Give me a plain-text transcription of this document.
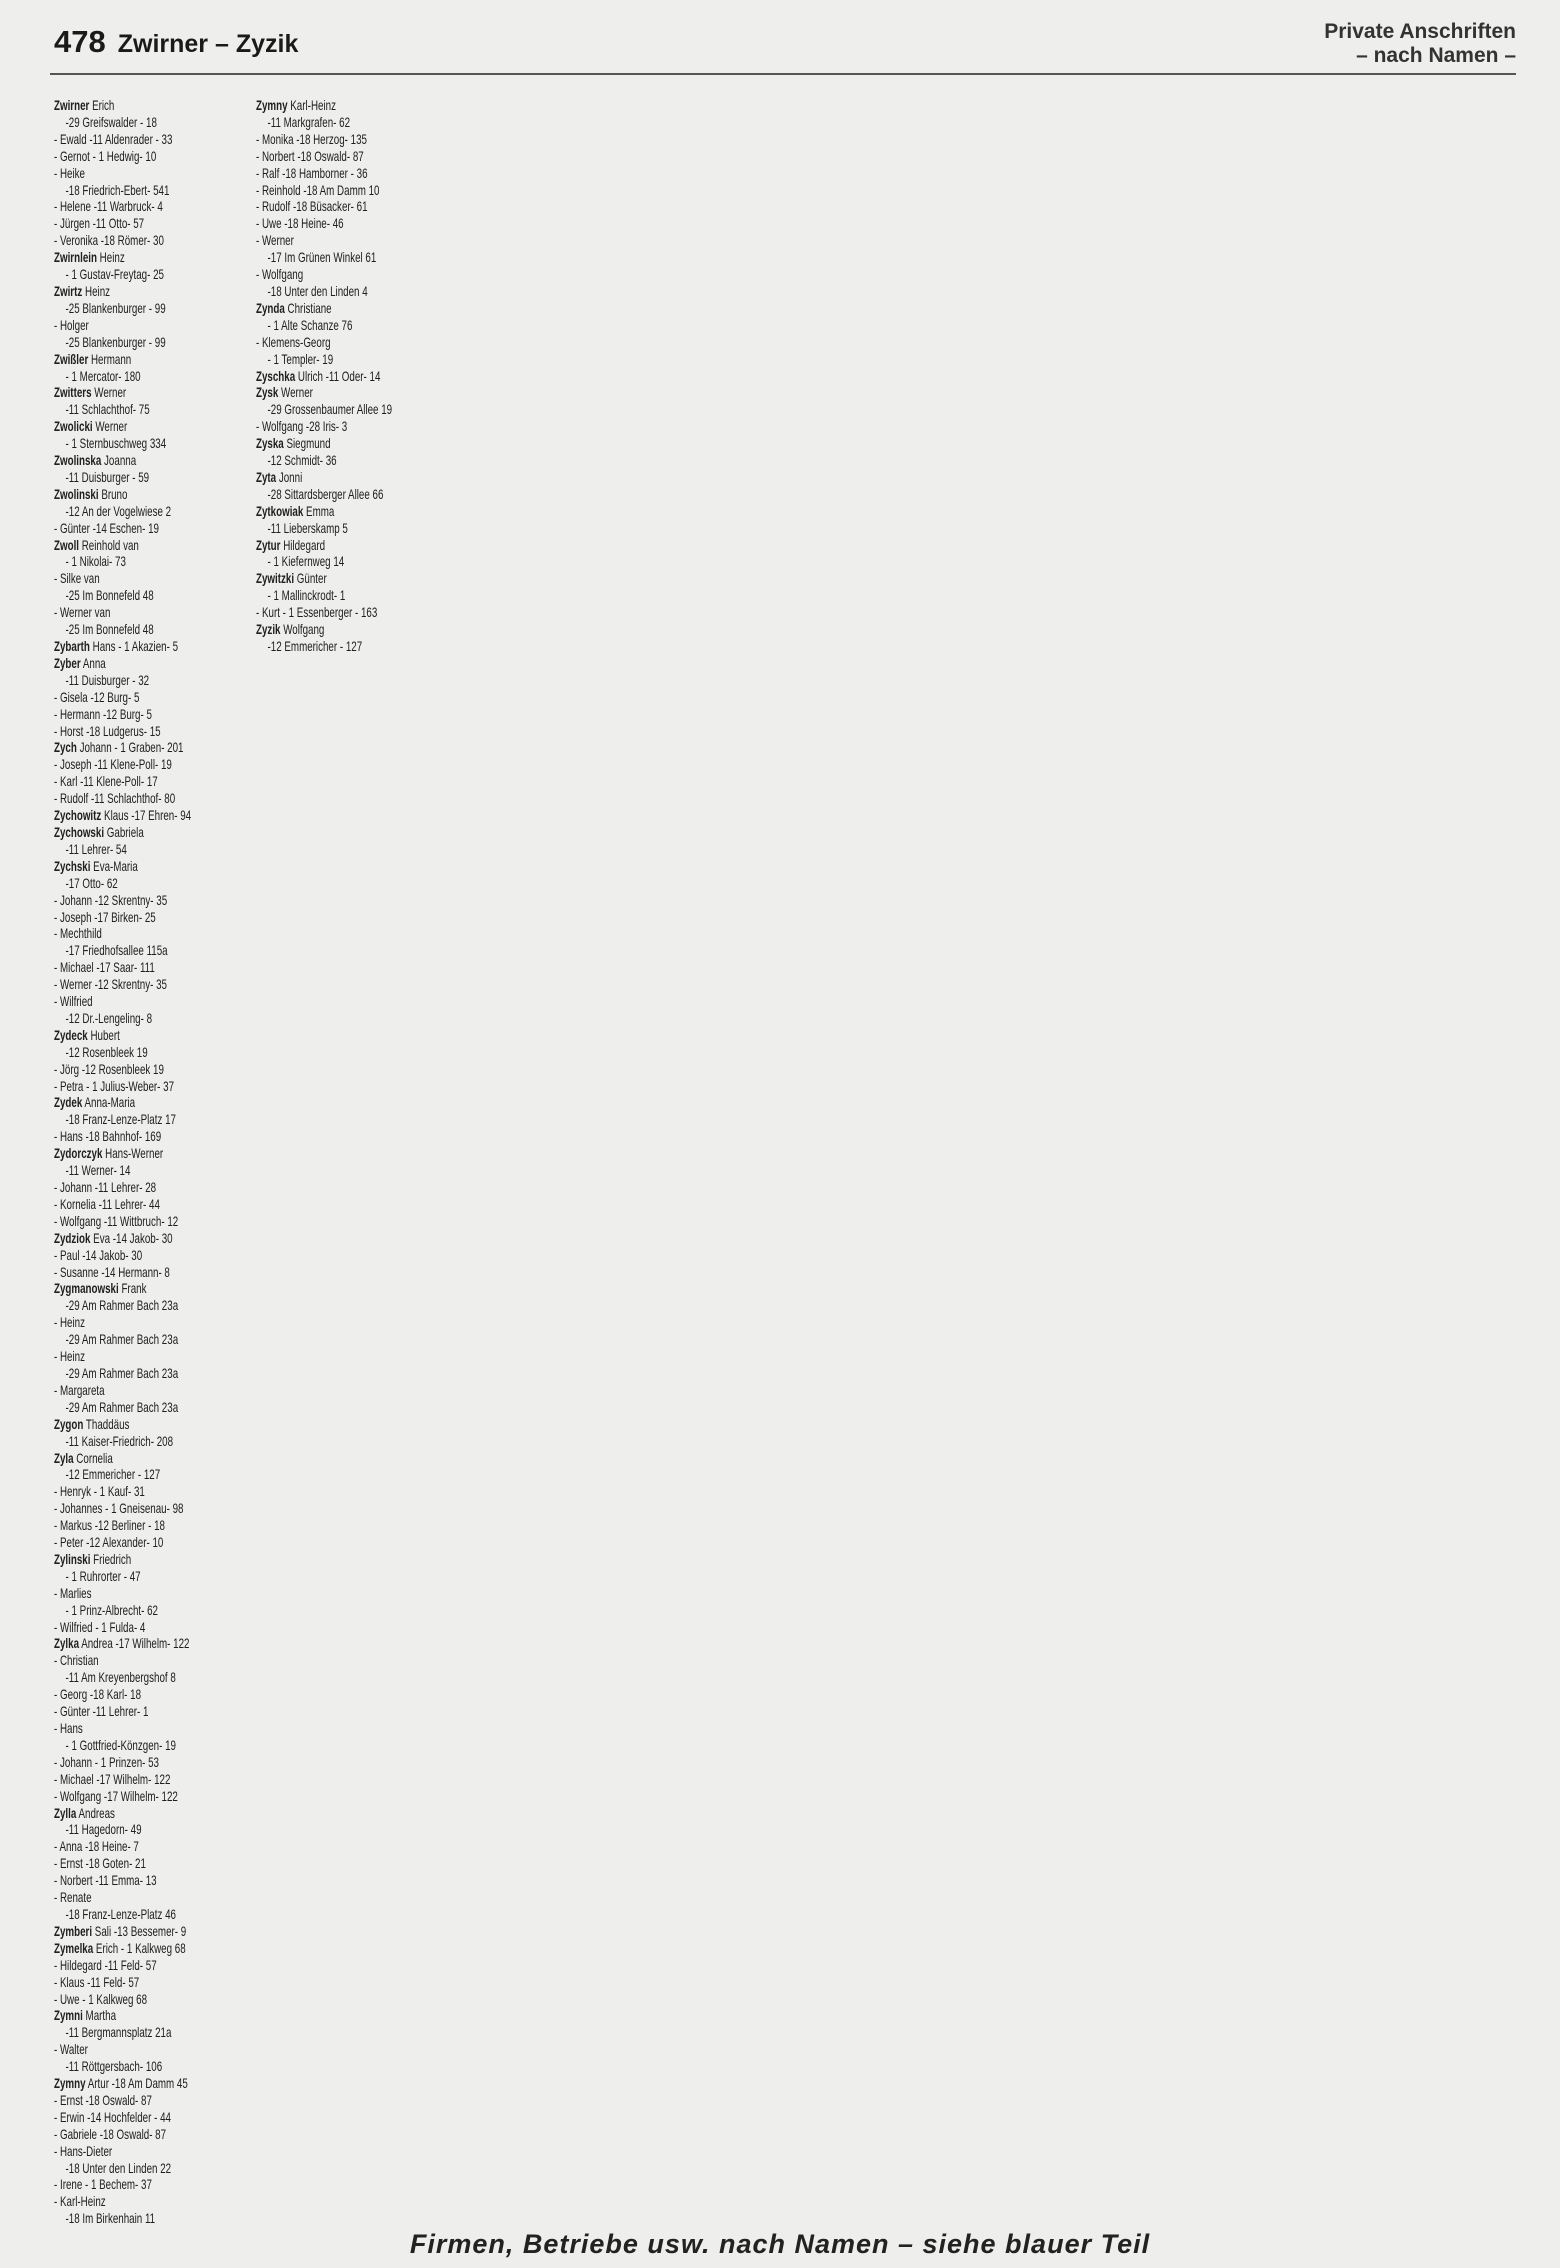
478 Zwirner – Zyzik	Private Anschriften
– nach Namen –
Zwirner Erich
-29 Greifswalder - 18
- Ewald -11 Aldenrader - 33
- Gernot - 1 Hedwig- 10
- Heike
-18 Friedrich-Ebert- 541
- Helene -11 Warbruck- 4
- Jürgen -11 Otto- 57
- Veronika -18 Römer- 30
Zwirnlein Heinz
- 1 Gustav-Freytag- 25
Zwirtz Heinz
-25 Blankenburger - 99
- Holger
-25 Blankenburger - 99
Zwißler Hermann
- 1 Mercator- 180
Zwitters Werner
-11 Schlachthof- 75
Zwolicki Werner
- 1 Sternbuschweg 334
Zwolinska Joanna
-11 Duisburger - 59
Zwolinski Bruno
-12 An der Vogelwiese 2
- Günter -14 Eschen- 19
Zwoll Reinhold van
- 1 Nikolai- 73
- Silke van
-25 Im Bonnefeld 48
- Werner van
-25 Im Bonnefeld 48
Zybarth Hans - 1 Akazien- 5
Zyber Anna
-11 Duisburger - 32
- Gisela -12 Burg- 5
- Hermann -12 Burg- 5
- Horst -18 Ludgerus- 15
Zych Johann - 1 Graben- 201
- Joseph -11 Klene-Poll- 19
- Karl -11 Klene-Poll- 17
- Rudolf -11 Schlachthof- 80
Zychowitz Klaus -17 Ehren- 94
Zychowski Gabriela
-11 Lehrer- 54
Zychski Eva-Maria
-17 Otto- 62
- Johann -12 Skrentny- 35
- Joseph -17 Birken- 25
- Mechthild
-17 Friedhofsallee 115a
- Michael -17 Saar- 111
- Werner -12 Skrentny- 35
- Wilfried
-12 Dr.-Lengeling- 8
Zydeck Hubert
-12 Rosenbleek 19
- Jörg -12 Rosenbleek 19
- Petra - 1 Julius-Weber- 37
Zydek Anna-Maria
-18 Franz-Lenze-Platz 17
- Hans -18 Bahnhof- 169
Zydorczyk Hans-Werner
-11 Werner- 14
- Johann -11 Lehrer- 28
- Kornelia -11 Lehrer- 44
- Wolfgang -11 Wittbruch- 12
Zydziok Eva -14 Jakob- 30
- Paul -14 Jakob- 30
- Susanne -14 Hermann- 8
Zygmanowski Frank
-29 Am Rahmer Bach 23a
- Heinz
-29 Am Rahmer Bach 23a
- Heinz
-29 Am Rahmer Bach 23a
- Margareta
-29 Am Rahmer Bach 23a
Zygon Thaddäus
-11 Kaiser-Friedrich- 208
Zyla Cornelia
-12 Emmericher - 127
- Henryk - 1 Kauf- 31
- Johannes - 1 Gneisenau- 98
- Markus -12 Berliner - 18
- Peter -12 Alexander- 10
Zylinski Friedrich
- 1 Ruhrorter - 47
- Marlies
- 1 Prinz-Albrecht- 62
- Wilfried - 1 Fulda- 4
Zylka Andrea -17 Wilhelm- 122
- Christian
-11 Am Kreyenbergshof 8
- Georg -18 Karl- 18
- Günter -11 Lehrer- 1
- Hans
- 1 Gottfried-Könzgen- 19
- Johann - 1 Prinzen- 53
- Michael -17 Wilhelm- 122
- Wolfgang -17 Wilhelm- 122
Zylla Andreas
-11 Hagedorn- 49
- Anna -18 Heine- 7
- Ernst -18 Goten- 21
- Norbert -11 Emma- 13
- Renate
-18 Franz-Lenze-Platz 46
Zymberi Sali -13 Bessemer- 9
Zymelka Erich - 1 Kalkweg 68
- Hildegard -11 Feld- 57
- Klaus -11 Feld- 57
- Uwe - 1 Kalkweg 68
Zymni Martha
-11 Bergmannsplatz 21a
- Walter
-11 Röttgersbach- 106
Zymny Artur -18 Am Damm 45
- Ernst -18 Oswald- 87
- Erwin -14 Hochfelder - 44
- Gabriele -18 Oswald- 87
- Hans-Dieter
-18 Unter den Linden 22
- Irene - 1 Bechem- 37
- Karl-Heinz
-18 Im Birkenhain 11
Zymny Karl-Heinz
-11 Markgrafen- 62
- Monika -18 Herzog- 135
- Norbert -18 Oswald- 87
- Ralf -18 Hamborner - 36
- Reinhold -18 Am Damm 10
- Rudolf -18 Büsacker- 61
- Uwe -18 Heine- 46
- Werner
-17 Im Grünen Winkel 61
- Wolfgang
-18 Unter den Linden 4
Zynda Christiane
- 1 Alte Schanze 76
- Klemens-Georg
- 1 Templer- 19
Zyschka Ulrich -11 Oder- 14
Zysk Werner
-29 Grossenbaumer Allee 19
- Wolfgang -28 Iris- 3
Zyska Siegmund
-12 Schmidt- 36
Zyta Jonni
-28 Sittardsberger Allee 66
Zytkowiak Emma
-11 Lieberskamp 5
Zytur Hildegard
- 1 Kiefernweg 14
Zywitzki Günter
- 1 Mallinckrodt- 1
- Kurt - 1 Essenberger - 163
Zyzik Wolfgang
-12 Emmericher - 127
Firmen, Betriebe usw. nach Namen – siehe blauer Teil
